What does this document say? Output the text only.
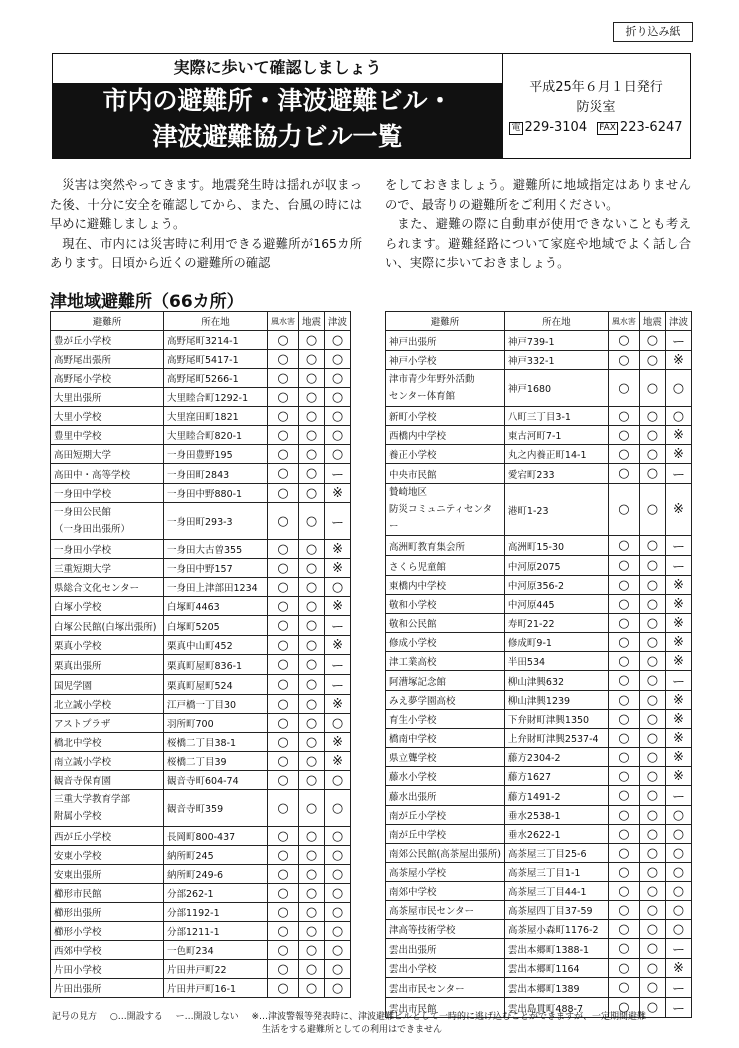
折り込み紙
実際に歩いて確認しましょう
市内の避難所・津波避難ビル・
津波避難協力ビル一覧
平成25年６月１日発行
防災室
電 229-3104 FAX 223-6247

災害は突然やってきます。地震発生時は揺れが収まった後、十分に安全を確認してから、また、台風の時には早めに避難しましょう。

現在、市内には災害時に利用できる避難所が165カ所あります。日頃から近くの避難所の確認

をしておきましょう。避難所に地域指定はありませんので、最寄りの避難所をご利用ください。

また、避難の際に自動車が使用できないことも考えられます。避難経路について家庭や地域でよく話し合い、実際に歩いておきましょう。

津地域避難所（66カ所）
避難所	所在地	風水害	地震	津波
豊が丘小学校	高野尾町3214-1	○	○	○
高野尾出張所	高野尾町5417-1	○	○	○
高野尾小学校	高野尾町5266-1	○	○	○
大里出張所	大里睦合町1292-1	○	○	○
大里小学校	大里窪田町1821	○	○	○
豊里中学校	大里睦合町820-1	○	○	○
高田短期大学	一身田豊野195	○	○	○
高田中・高等学校	一身田町2843	○	○	ー
一身田中学校	一身田中野880-1	○	○	※
一身田公民館
（一身田出張所）	一身田町293-3	○	○	ー
一身田小学校	一身田大古曽355	○	○	※
三重短期大学	一身田中野157	○	○	※
県総合文化センター	一身田上津部田1234	○	○	○
白塚小学校	白塚町4463	○	○	※
白塚公民館(白塚出張所)	白塚町5205	○	○	ー
栗真小学校	栗真中山町452	○	○	※
栗真出張所	栗真町屋町836-1	○	○	ー
国児学園	栗真町屋町524	○	○	ー
北立誠小学校	江戸橋一丁目30	○	○	※
アストプラザ	羽所町700	○	○	○
橋北中学校	桜橋二丁目38-1	○	○	※
南立誠小学校	桜橋二丁目39	○	○	※
観音寺保育園	観音寺町604-74	○	○	○
三重大学教育学部
附属小学校	観音寺町359	○	○	○
西が丘小学校	長岡町800-437	○	○	○
安東小学校	納所町245	○	○	○
安東出張所	納所町249-6	○	○	○
櫛形市民館	分部262-1	○	○	○
櫛形出張所	分部1192-1	○	○	○
櫛形小学校	分部1211-1	○	○	○
西郊中学校	一色町234	○	○	○
片田小学校	片田井戸町22	○	○	○
片田出張所	片田井戸町16-1	○	○	○
避難所	所在地	風水害	地震	津波
神戸出張所	神戸739-1	○	○	ー
神戸小学校	神戸332-1	○	○	※
津市青少年野外活動
センター体育館	神戸1680	○	○	○
新町小学校	八町三丁目3-1	○	○	○
西橋内中学校	東古河町7-1	○	○	※
養正小学校	丸之内養正町14-1	○	○	※
中央市民館	愛宕町233	○	○	ー
贄崎地区
防災コミュニティセンター	港町1-23	○	○	※
高洲町教育集会所	高洲町15-30	○	○	ー
さくら児童館	中河原2075	○	○	ー
東橋内中学校	中河原356-2	○	○	※
敬和小学校	中河原445	○	○	※
敬和公民館	寿町21-22	○	○	※
修成小学校	修成町9-1	○	○	※
津工業高校	半田534	○	○	※
阿漕塚記念館	柳山津興632	○	○	ー
みえ夢学園高校	柳山津興1239	○	○	※
育生小学校	下弁財町津興1350	○	○	※
橋南中学校	上弁財町津興2537-4	○	○	※
県立聾学校	藤方2304-2	○	○	※
藤水小学校	藤方1627	○	○	※
藤水出張所	藤方1491-2	○	○	ー
南が丘小学校	垂水2538-1	○	○	○
南が丘中学校	垂水2622-1	○	○	○
南郊公民館(高茶屋出張所)	高茶屋三丁目25-6	○	○	○
高茶屋小学校	高茶屋三丁目1-1	○	○	○
南郊中学校	高茶屋三丁目44-1	○	○	○
高茶屋市民センター	高茶屋四丁目37-59	○	○	○
津高等技術学校	高茶屋小森町1176-2	○	○	○
雲出出張所	雲出本郷町1388-1	○	○	ー
雲出小学校	雲出本郷町1164	○	○	※
雲出市民センター	雲出本郷町1389	○	○	ー
雲出市民館	雲出島貫町488-7	○	○	ー
記号の見方 ○…開設する ー…開設しない ※…津波警報等発表時に、津波避難ビルとして一時的に逃げ込むことができますが、一定期間避難
生活をする避難所としての利用はできません
